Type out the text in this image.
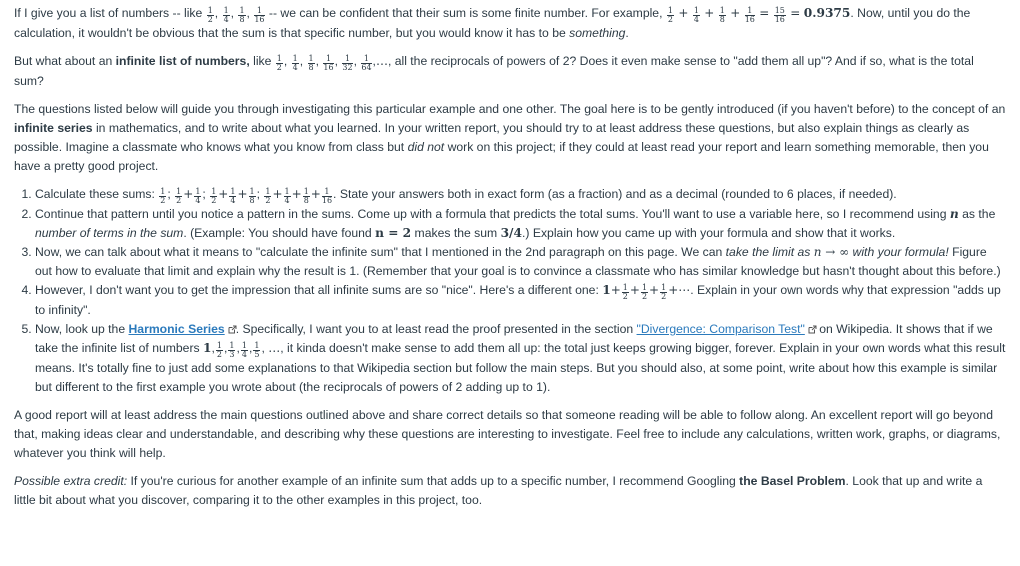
If I give you a list of numbers -- like $\frac{1}{2}$ , $\frac{1}{4}$ , $\frac{1}{8}$ , $\frac{1}{16}$ -- we can be confident that their sum is some finite number. For example, $\frac{1}{2} + \frac{1}{4} + \frac{1}{8} + \frac{1}{16} = \frac{15}{16} = 0.9375$. Now, until you do the calculation, it wouldn't be obvious that the sum is that specific number, but you would know it has to be something.

But what about an infinite list of numbers, like $\frac{1}{2}$ , $\frac{1}{4}$ , $\frac{1}{8}$ , $\frac{1}{16}$ , $\frac{1}{32}$ , $\frac{1}{64}$ ,…, all the reciprocals of powers of 2? Does it even make sense to "add them all up"? And if so, what is the total sum?

The questions listed below will guide you through investigating this particular example and one other. The goal here is to be gently introduced (if you haven't before) to the concept of an infinite series in mathematics, and to write about what you learned. In your written report, you should try to at least address these questions, but also explain things as clearly as possible. Imagine a classmate who knows what you know from class but did not work on this project; if they could at least read your report and learn something memorable, then you have a pretty good project.

1. Calculate these sums: $\frac{1}{2}$ ; $\frac{1}{2} + \frac{1}{4}$ ; $\frac{1}{2} + \frac{1}{4} + \frac{1}{8}$ ; $\frac{1}{2} + \frac{1}{4} + \frac{1}{8} + \frac{1}{16}$ . State your answers both in exact form (as a fraction) and as a decimal (rounded to 6 places, if needed).
2. Continue that pattern until you notice a pattern in the sums. Come up with a formula that predicts the total sums. You'll want to use a variable here, so I recommend using n as the number of terms in the sum. (Example: You should have found n = 2 makes the sum 3/4.) Explain how you came up with your formula and show that it works.
3. Now, we can talk about what it means to "calculate the infinite sum" that I mentioned in the 2nd paragraph on this page. We can take the limit as n → ∞ with your formula! Figure out how to evaluate that limit and explain why the result is 1. (Remember that your goal is to convince a classmate who has similar knowledge but hasn't thought about this before.)
4. However, I don't want you to get the impression that all infinite sums are so "nice". Here's a different one: $1+ \frac{1}{2} + \frac{1}{2} + \frac{1}{2}$ +⋯. Explain in your own words why that expression "adds up to infinity".
5. Now, look up the Harmonic Series . Specifically, I want you to at least read the proof presented in the section "Divergence: Comparison Test" on Wikipedia. It shows that if we take the infinite list of numbers 1, $\frac{1}{2}$ , $\frac{1}{3}$ , $\frac{1}{4}$ , $\frac{1}{5}$ , …, it kinda doesn't make sense to add them all up: the total just keeps growing bigger, forever. Explain in your own words what this result means. It's totally fine to just add some explanations to that Wikipedia section but follow the main steps. But you should also, at some point, write about how this example is similar but different to the first example you wrote about (the reciprocals of powers of 2 adding up to 1).

A good report will at least address the main questions outlined above and share correct details so that someone reading will be able to follow along. An excellent report will go beyond that, making ideas clear and understandable, and describing why these questions are interesting to investigate. Feel free to include any calculations, written work, graphs, or diagrams, whatever you think will help.

Possible extra credit: If you're curious for another example of an infinite sum that adds up to a specific number, I recommend Googling the Basel Problem. Look that up and write a little bit about what you discover, comparing it to the other examples in this project, too.
